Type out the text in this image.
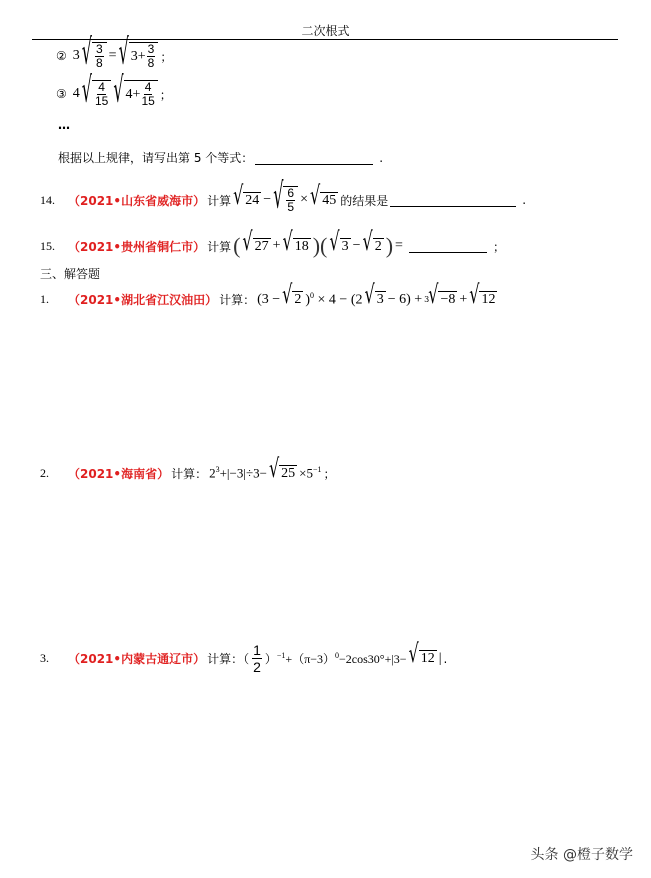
二次根式
② 3 √ $\frac{3}{8}$ = √ $3 + \frac{3}{8}$ ；
③ 4 √ $\frac{4}{15}$ √ $4 + \frac{4}{15}$ ；
…
根据以上规律，请写出第 5 个等式：	.
14.	（2021•山东省威海市） 计算 √ 24 − √ $\frac{6}{5}$ × √ 45 的结果是	.
15.	（2021•贵州省铜仁市） 计算 ( √ 27 + √ 18 )( √ 3 − √ 2 ) =	；
三、解答题
1.	（2021•湖北省江汉油田） 计算： (3 − √ 2 )$^0$ × 4 − (2 √ 3 − 6) + 3 √ −8 + √ 12
2.	（2021•海南省） 计算： $2^3+|-3|\div 3-$ √ $25 \times 5^{-1}$ ；
3.	（2021•内蒙古通辽市） 计算：（ $\frac{1}{2} )^{-1}+(\pi-3)^0-2\cos 30^\circ+|3-$ √ 12 | .
头条 @橙子数学
